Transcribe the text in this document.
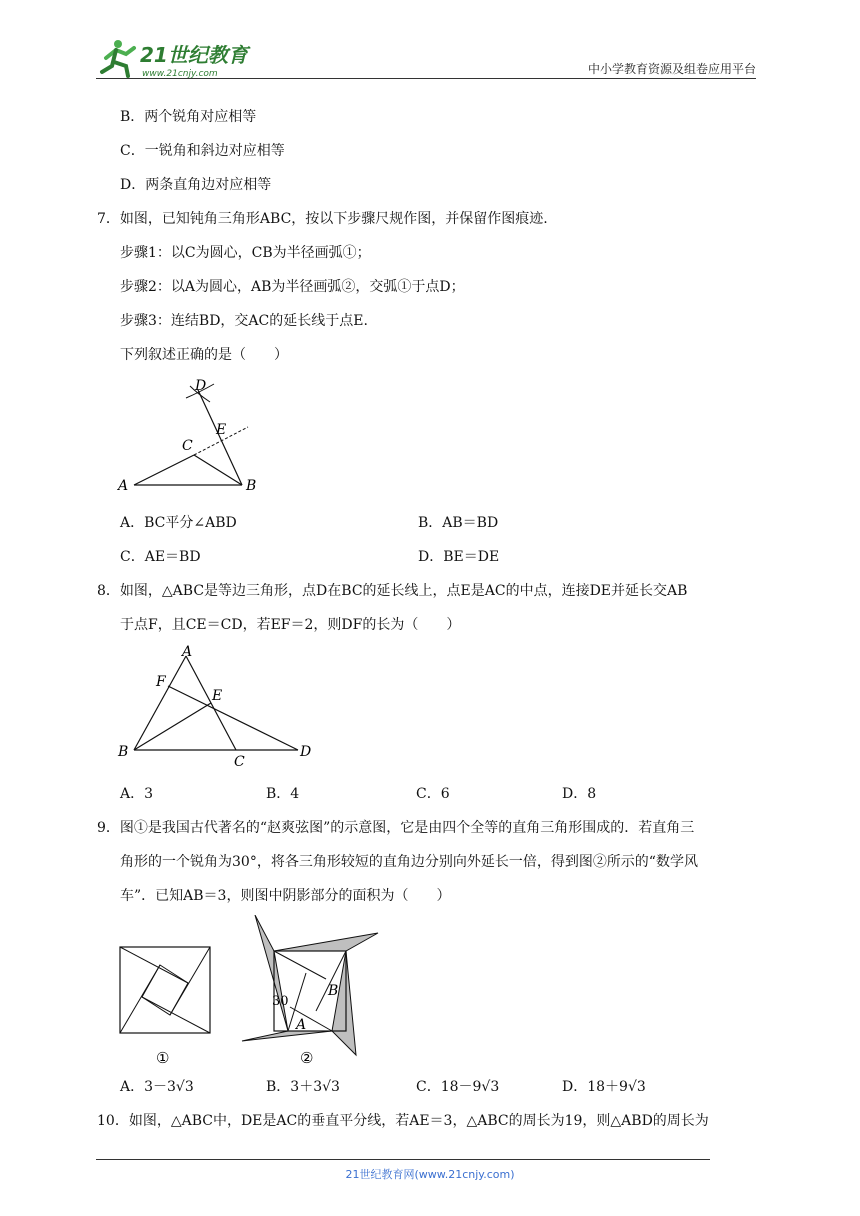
21世纪教育
www.21cnjy.com	中小学教育资源及组卷应用平台
B．两个锐角对应相等
C．一锐角和斜边对应相等
D．两条直角边对应相等
7．如图，已知钝角三角形ABC，按以下步骤尺规作图，并保留作图痕迹.
步骤1：以C为圆心，CB为半径画弧①；
步骤2：以A为圆心，AB为半径画弧②，交弧①于点D；
步骤3：连结BD，交AC的延长线于点E.
下列叙述正确的是（　　）
D
E
C
A	B
A．BC平分∠ABD	B．AB＝BD
C．AE＝BD	D．BE＝DE
8．如图，△ABC是等边三角形，点D在BC的延长线上，点E是AC的中点，连接DE并延长交AB
于点F，且CE＝CD，若EF＝2，则DF的长为（　　）
A
F
E
B
C
D
A．3	B．4	C．6	D．8
9．图①是我国古代著名的“赵爽弦图”的示意图，它是由四个全等的直角三角形围成的．若直角三
角形的一个锐角为30°，将各三角形较短的直角边分别向外延长一倍，得到图②所示的“数学风
车”．已知AB＝3，则图中阴影部分的面积为（　　）
①
30
B
A
②
A．3－3√3	B．3＋3√3	C．18－9√3	D．18＋9√3
10．如图，△ABC中，DE是AC的垂直平分线，若AE＝3，△ABC的周长为19，则△ABD的周长为
21世纪教育网(www.21cnjy.com)
